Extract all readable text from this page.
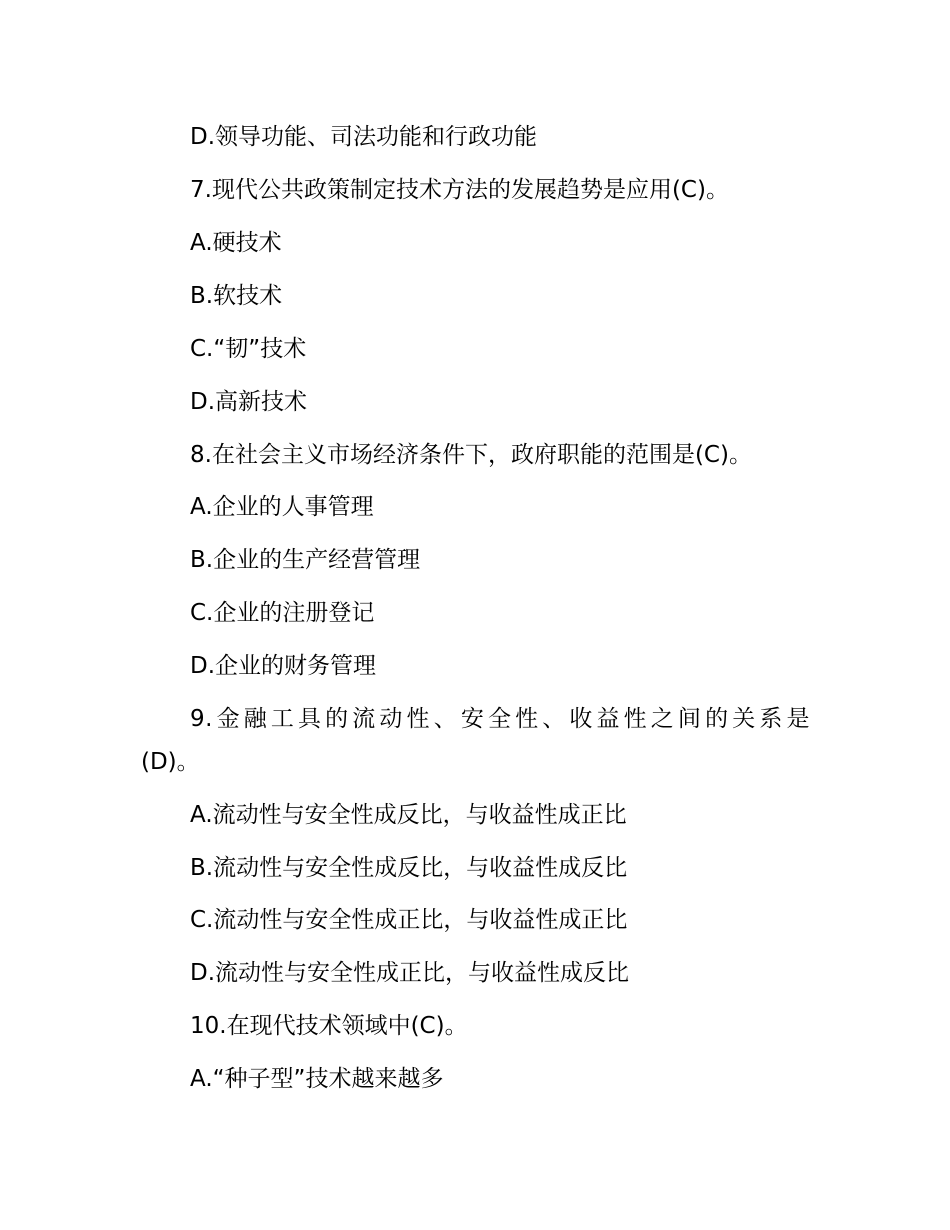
D.领导功能、司法功能和行政功能
7.现代公共政策制定技术方法的发展趋势是应用(C)。
A.硬技术
B.软技术
C.“韧”技术
D.高新技术
8.在社会主义市场经济条件下，政府职能的范围是(C)。
A.企业的人事管理
B.企业的生产经营管理
C.企业的注册登记
D.企业的财务管理
9.金融工具的流动性、安全性、收益性之间的关系是
(D)。
A.流动性与安全性成反比，与收益性成正比
B.流动性与安全性成反比，与收益性成反比
C.流动性与安全性成正比，与收益性成正比
D.流动性与安全性成正比，与收益性成反比
10.在现代技术领域中(C)。
A.“种子型”技术越来越多
